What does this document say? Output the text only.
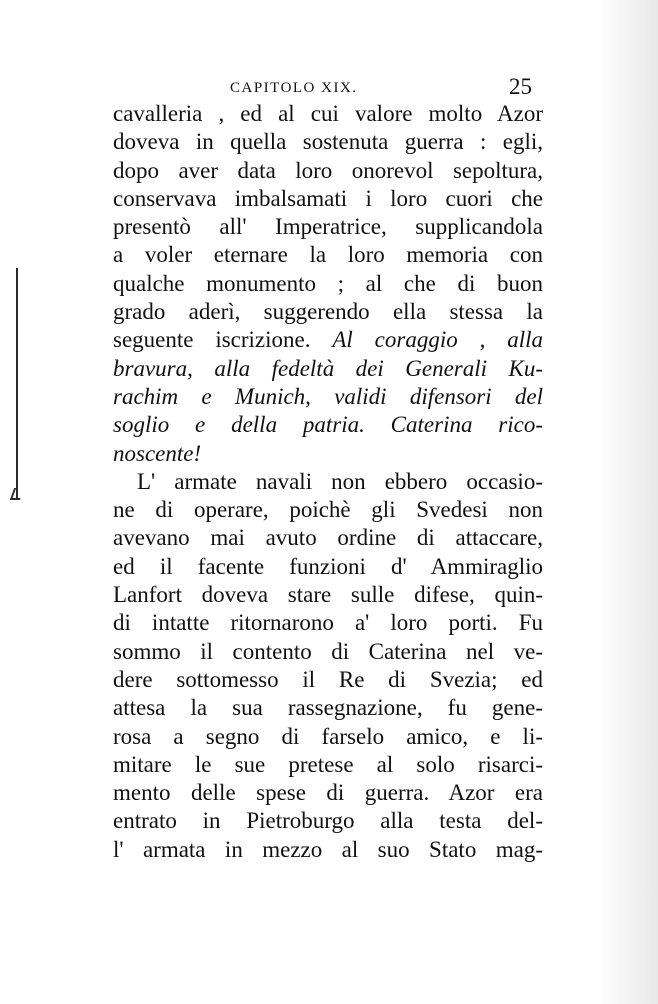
CAPITOLO XIX.	25
cavalleria , ed al cui valore molto Azor
doveva in quella sostenuta guerra : egli,
dopo aver data loro onorevol sepoltura,
conservava imbalsamati i loro cuori che
presentò all' Imperatrice, supplicandola
a voler eternare la loro memoria con
qualche monumento ; al che di buon
grado aderì, suggerendo ella stessa la
seguente iscrizione. Al coraggio , alla
bravura, alla fedeltà dei Generali Ku-
rachim e Munich, validi difensori del
soglio e della patria. Caterina rico-
noscente!
L' armate navali non ebbero occasio-
ne di operare, poichè gli Svedesi non
avevano mai avuto ordine di attaccare,
ed il facente funzioni d' Ammiraglio
Lanfort doveva stare sulle difese, quin-
di intatte ritornarono a' loro porti. Fu
sommo il contento di Caterina nel ve-
dere sottomesso il Re di Svezia; ed
attesa la sua rassegnazione, fu gene-
rosa a segno di farselo amico, e li-
mitare le sue pretese al solo risarci-
mento delle spese di guerra. Azor era
entrato in Pietroburgo alla testa del-
l' armata in mezzo al suo Stato mag-
